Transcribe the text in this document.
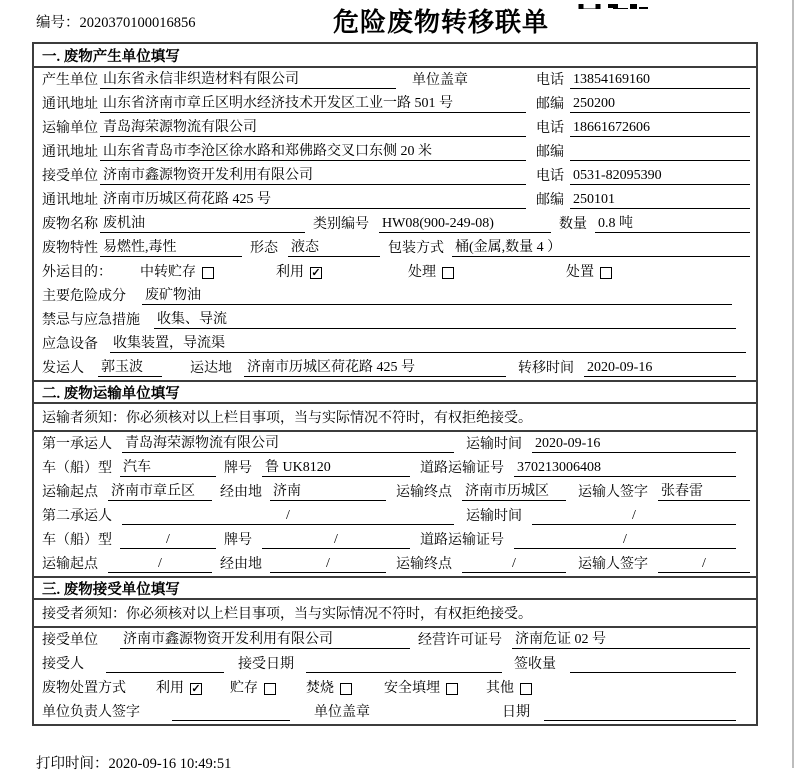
编号：2020370100016856	危险废物转移联单
一. 废物产生单位填写
产生单位 山东省永信非织造材料有限公司	单位盖章	电话 13854169160
通讯地址 山东省济南市章丘区明水经济技术开发区工业一路 501 号	邮编 250200
运输单位 青岛海荣源物流有限公司	电话 18661672606
通讯地址 山东省青岛市李沧区徐水路和郑佛路交叉口东侧 20 米	邮编
接受单位 济南市鑫源物资开发利用有限公司	电话 0531-82095390
通讯地址 济南市历城区荷花路 425 号	邮编 250101
废物名称 废机油	类别编号 HW08(900-249-08)	数量 0.8 吨
废物特性 易燃性,毒性	形态 液态	包装方式 桶(金属,数量 4 ）
外运目的： 中转贮存	利用 ✓	处理	处置
主要危险成分 废矿物油
禁忌与应急措施 收集、导流
应急设备 收集装置，导流渠
发运人	郭玉波	运达地 济南市历城区荷花路 425 号	转移时间 2020-09-16
二. 废物运输单位填写
运输者须知：你必须核对以上栏目事项，当与实际情况不符时，有权拒绝接受。
第一承运人 青岛海荣源物流有限公司	运输时间 2020-09-16
车（船）型 汽车	牌号 鲁 UK8120	道路运输证号 370213006408
运输起点 济南市章丘区	经由地 济南	运输终点 济南市历城区	运输人签字 张春雷
第二承运人	/	运输时间	/
车（船）型	/	牌号	/	道路运输证号	/
运输起点	/	经由地	/	运输终点	/	运输人签字	/
三. 废物接受单位填写
接受者须知：你必须核对以上栏目事项，当与实际情况不符时，有权拒绝接受。
接受单位 济南市鑫源物资开发利用有限公司	经营许可证号 济南危证 02 号
接受人	接受日期	签收量
废物处置方式 利用 ✓ 贮存	焚烧	安全填埋	其他
单位负责人签字	单位盖章	日期
打印时间：2020-09-16 10:49:51
